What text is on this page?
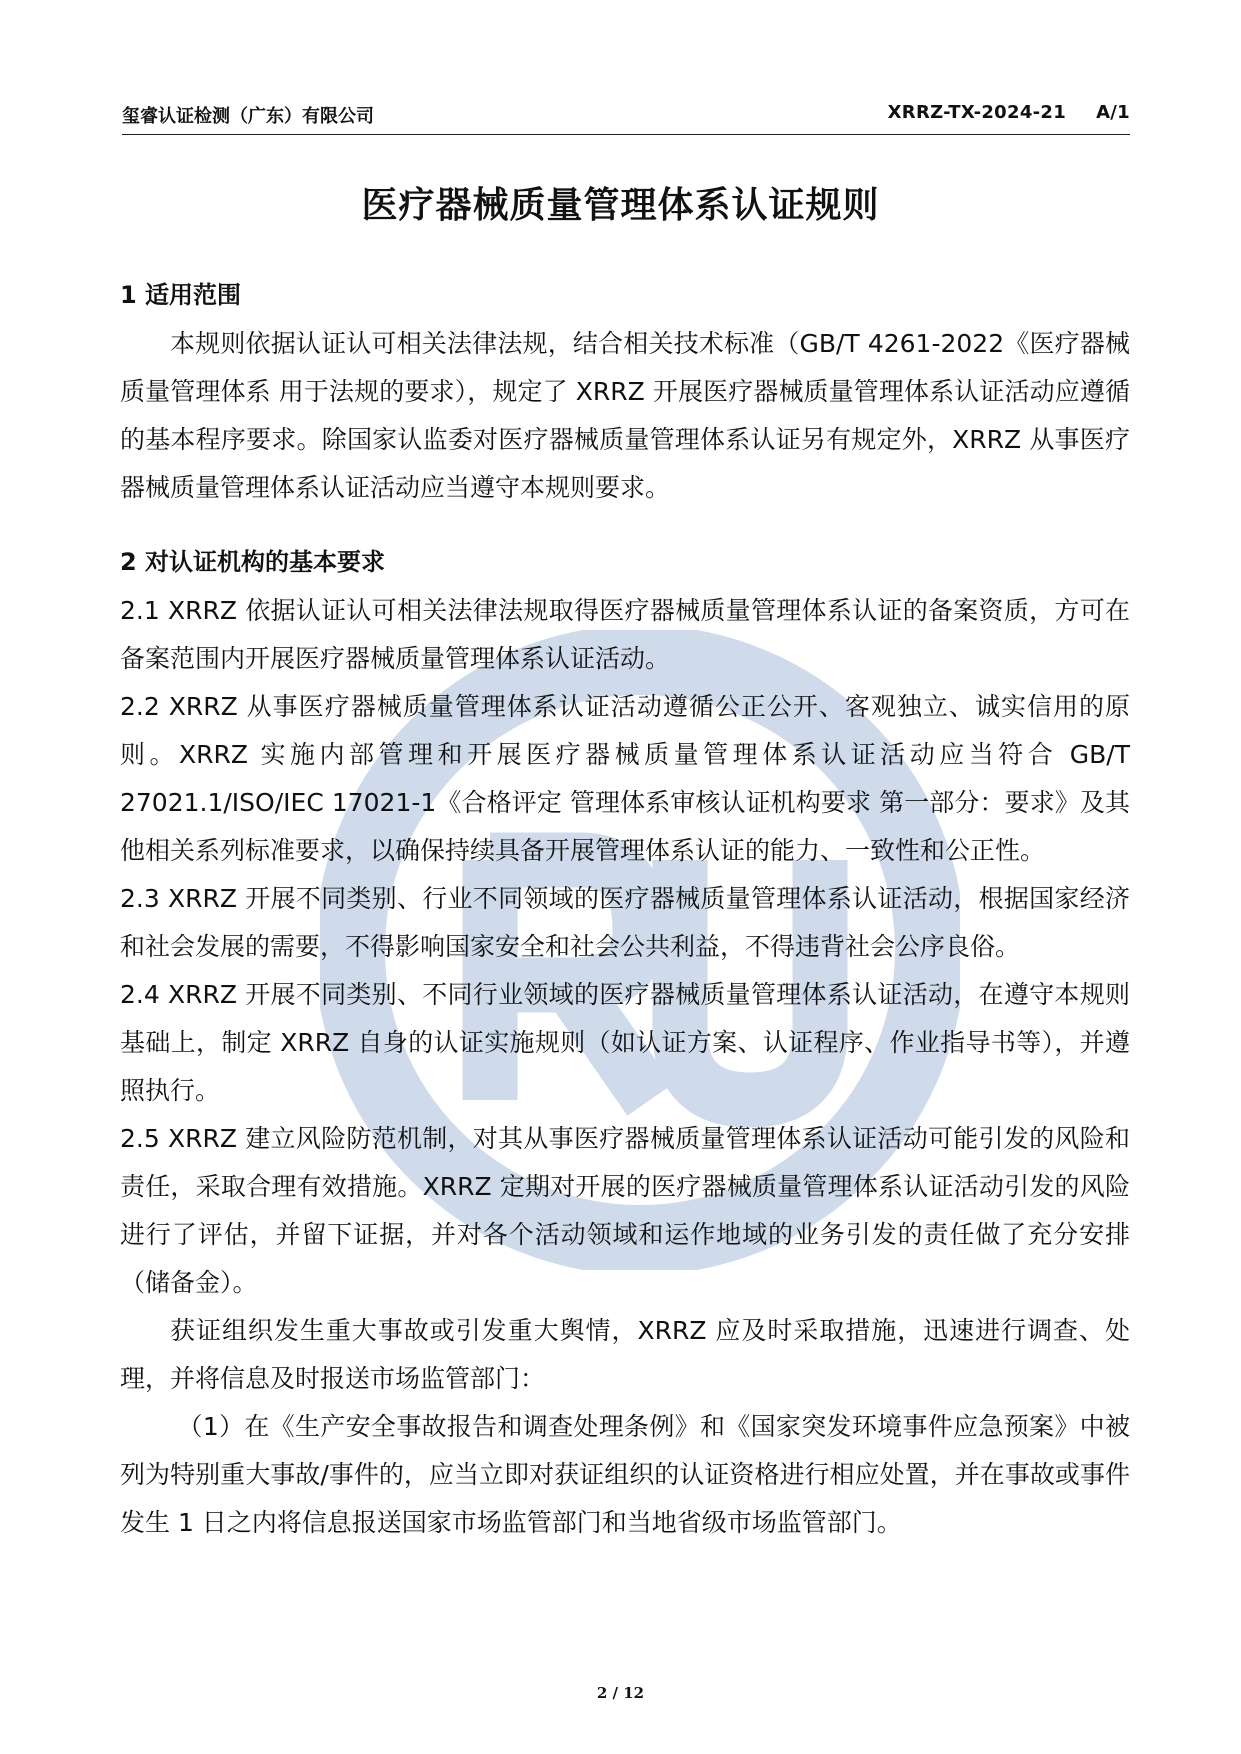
玺睿认证检测（广东）有限公司	XRRZ-TX-2024-21 A/1
医疗器械质量管理体系认证规则
1 适用范围

本规则依据认证认可相关法律法规，结合相关技术标准（GB/T 4261-2022《医疗器械质量管理体系 用于法规的要求），规定了 XRRZ 开展医疗器械质量管理体系认证活动应遵循的基本程序要求。除国家认监委对医疗器械质量管理体系认证另有规定外，XRRZ 从事医疗器械质量管理体系认证活动应当遵守本规则要求。

2 对认证机构的基本要求

2.1 XRRZ 依据认证认可相关法律法规取得医疗器械质量管理体系认证的备案资质，方可在备案范围内开展医疗器械质量管理体系认证活动。

2.2 XRRZ 从事医疗器械质量管理体系认证活动遵循公正公开、客观独立、诚实信用的原则。XRRZ 实施内部管理和开展医疗器械质量管理体系认证活动应当符合 GB/T 27021.1/ISO/IEC 17021-1《合格评定 管理体系审核认证机构要求 第一部分：要求》及其他相关系列标准要求，以确保持续具备开展管理体系认证的能力、一致性和公正性。

2.3 XRRZ 开展不同类别、行业不同领域的医疗器械质量管理体系认证活动，根据国家经济和社会发展的需要，不得影响国家安全和社会公共利益，不得违背社会公序良俗。

2.4 XRRZ 开展不同类别、不同行业领域的医疗器械质量管理体系认证活动，在遵守本规则基础上，制定 XRRZ 自身的认证实施规则（如认证方案、认证程序、作业指导书等），并遵照执行。

2.5 XRRZ 建立风险防范机制，对其从事医疗器械质量管理体系认证活动可能引发的风险和责任，采取合理有效措施。XRRZ 定期对开展的医疗器械质量管理体系认证活动引发的风险进行了评估，并留下证据，并对各个活动领域和运作地域的业务引发的责任做了充分安排（储备金）。

获证组织发生重大事故或引发重大舆情，XRRZ 应及时采取措施，迅速进行调查、处理，并将信息及时报送市场监管部门：

（1）在《生产安全事故报告和调查处理条例》和《国家突发环境事件应急预案》中被列为特别重大事故/事件的，应当立即对获证组织的认证资格进行相应处置，并在事故或事件发生 1 日之内将信息报送国家市场监管部门和当地省级市场监管部门。

2 / 12
